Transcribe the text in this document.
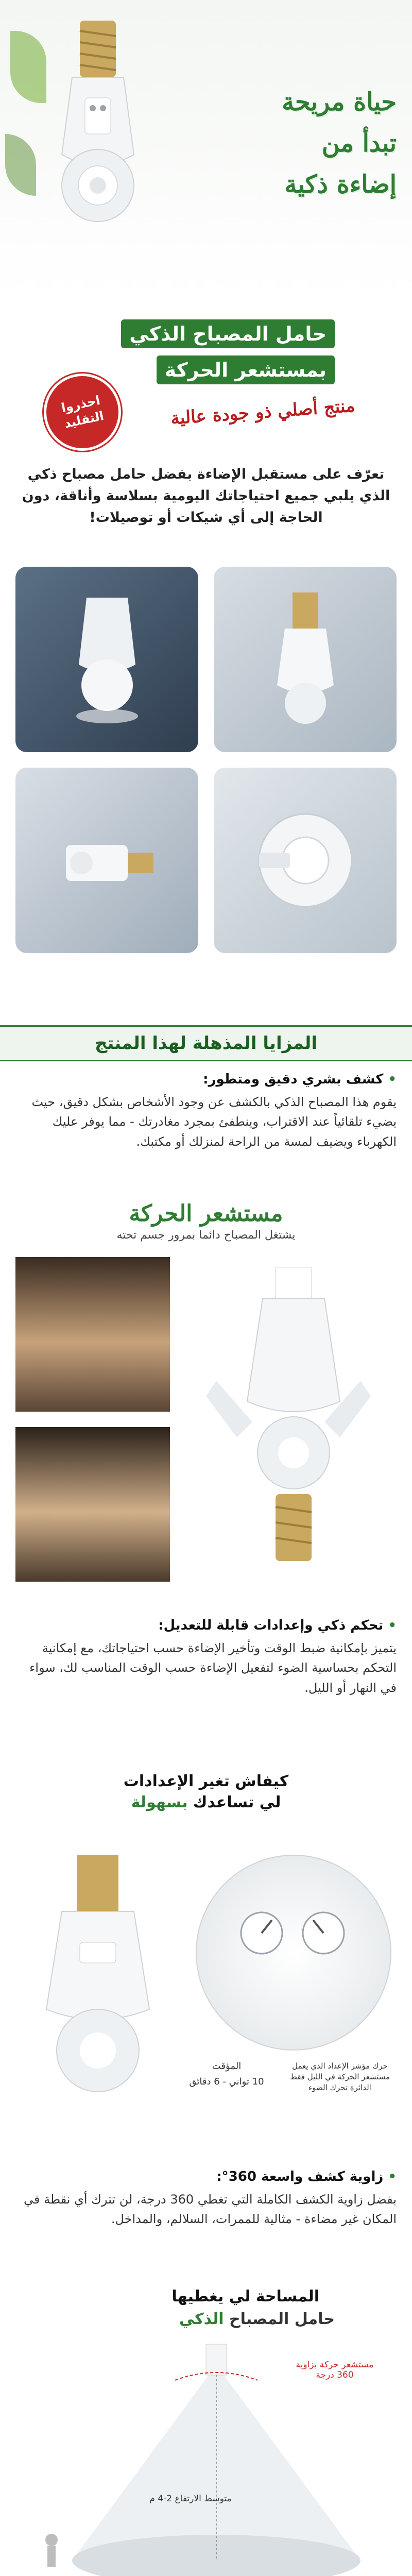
حياة مريحة
تبدأ من
إضاءة ذكية
حامل المصباح الذكي
بمستشعر الحركة
احذروا التقليد	منتج أصلي ذو جودة عالية

تعرّف على مستقبل الإضاءة بفضل حامل مصباح ذكي الذي يلبي جميع احتياجاتك اليومية بسلاسة وأناقة، دون الحاجة إلى أي شيكات أو توصيلات!

المزايا المذهلة لهذا المنتج
• كشف بشري دقيق ومتطور:

يقوم هذا المصباح الذكي بالكشف عن وجود الأشخاص بشكل دقيق، حيث يضيء تلقائياً عند الاقتراب، وينطفئ بمجرد مغادرتك - مما يوفر عليك الكهرباء ويضيف لمسة من الراحة لمنزلك أو مكتبك.

مستشعر الحركة
يشتغل المصباح دائما بمرور جسم تحته
• تحكم ذكي وإعدادات قابلة للتعديل:

يتميز بإمكانية ضبط الوقت وتأخير الإضاءة حسب احتياجاتك، مع إمكانية التحكم بحساسية الضوء لتفعيل الإضاءة حسب الوقت المناسب لك، سواء في النهار أو الليل.

كيفاش تغير الإعدادات
لي تساعدك بسهولة
المؤقت
10 ثواني - 6 دقائق
حرك مؤشر الإعداد الذي يعمل مستشعر الحركة في الليل فقط الدائرة تحرك الضوء
• زاوية كشف واسعة 360°:

بفضل زاوية الكشف الكاملة التي تغطي 360 درجة، لن تترك أي نقطة في المكان غير مضاءة - مثالية للممرات، السلالم، والمداخل.

المساحة لي يغطيها
حامل المصباح الذكي
مستشعر حركة بزاوية 360 درجة
متوسط الارتفاع 2-4 م
